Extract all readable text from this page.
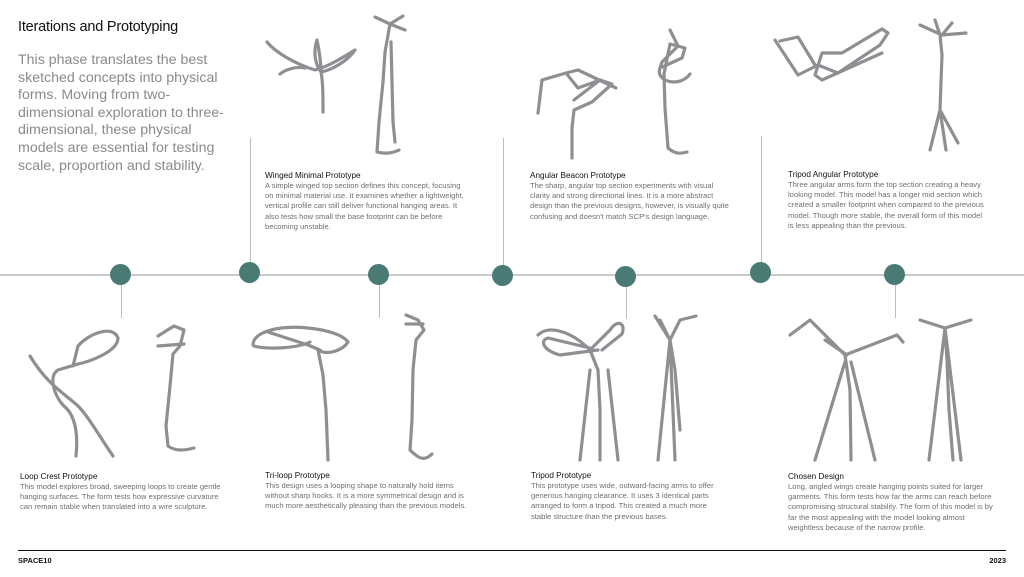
Iterations and Prototyping
This phase translates the best sketched concepts into physical forms. Moving from two-dimensional exploration to three-dimensional, these physical models are essential for testing scale, proportion and stability.
Winged Minimal Prototype
A simple winged top section defines this concept, focusing on minimal material use. It examines whether a lightweight, vertical profile can still deliver functional hanging areas. It also tests how small the base footprint can be before becoming unstable.
Angular Beacon Prototype
The sharp, angular top section experiments with visual clarity and strong directional lines. It is a more abstract design than the previous designs, however, is visually quite confusing and doesn't match SCP's design language.
Tripod Angular Prototype
Three angular arms form the top section creating a heavy looking model. This model has a longer mid section which created a smaller footprint when compared to the previous model. Though more stable, the overall form of this model is less appealing than the previous.
Loop Crest Prototype
This model explores broad, sweeping loops to create gentle hanging surfaces. The form tests how expressive curvature can remain stable when translated into a wire sculpture.
Tri-loop Prototype
This design uses a looping shape to naturally hold items without sharp hooks. It is a more symmetrical design and is much more aesthetically pleasing than the previous models.
Tripod Prototype
This prototype uses wide, outward-facing arms to offer generous hanging clearance. It uses 3 identical parts arranged to form a tripod. This created a much more stable structure than the previous bases.
Chosen Design
Long, angled wings create hanging points suited for larger garments. This form tests how far the arms can reach before compromising structural stability. The form of this model is by far the most appealing with the model looking almost weightless because of the narrow profile.
SPACE10	2023
